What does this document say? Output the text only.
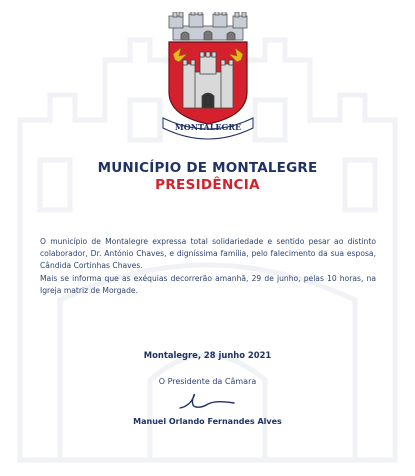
MONTALEGRE
MUNICÍPIO DE MONTALEGRE
PRESIDÊNCIA

O município de Montalegre expressa total solidariedade e sentido pesar ao distinto colaborador, Dr. António Chaves, e digníssima família, pelo falecimento da sua esposa, Cândida Cortinhas Chaves.

Mais se informa que as exéquias decorrerão amanhã, 29 de junho, pelas 10 horas, na Igreja matriz de Morgade.

Montalegre, 28 junho 2021
O Presidente da Câmara
Manuel Orlando Fernandes Alves
